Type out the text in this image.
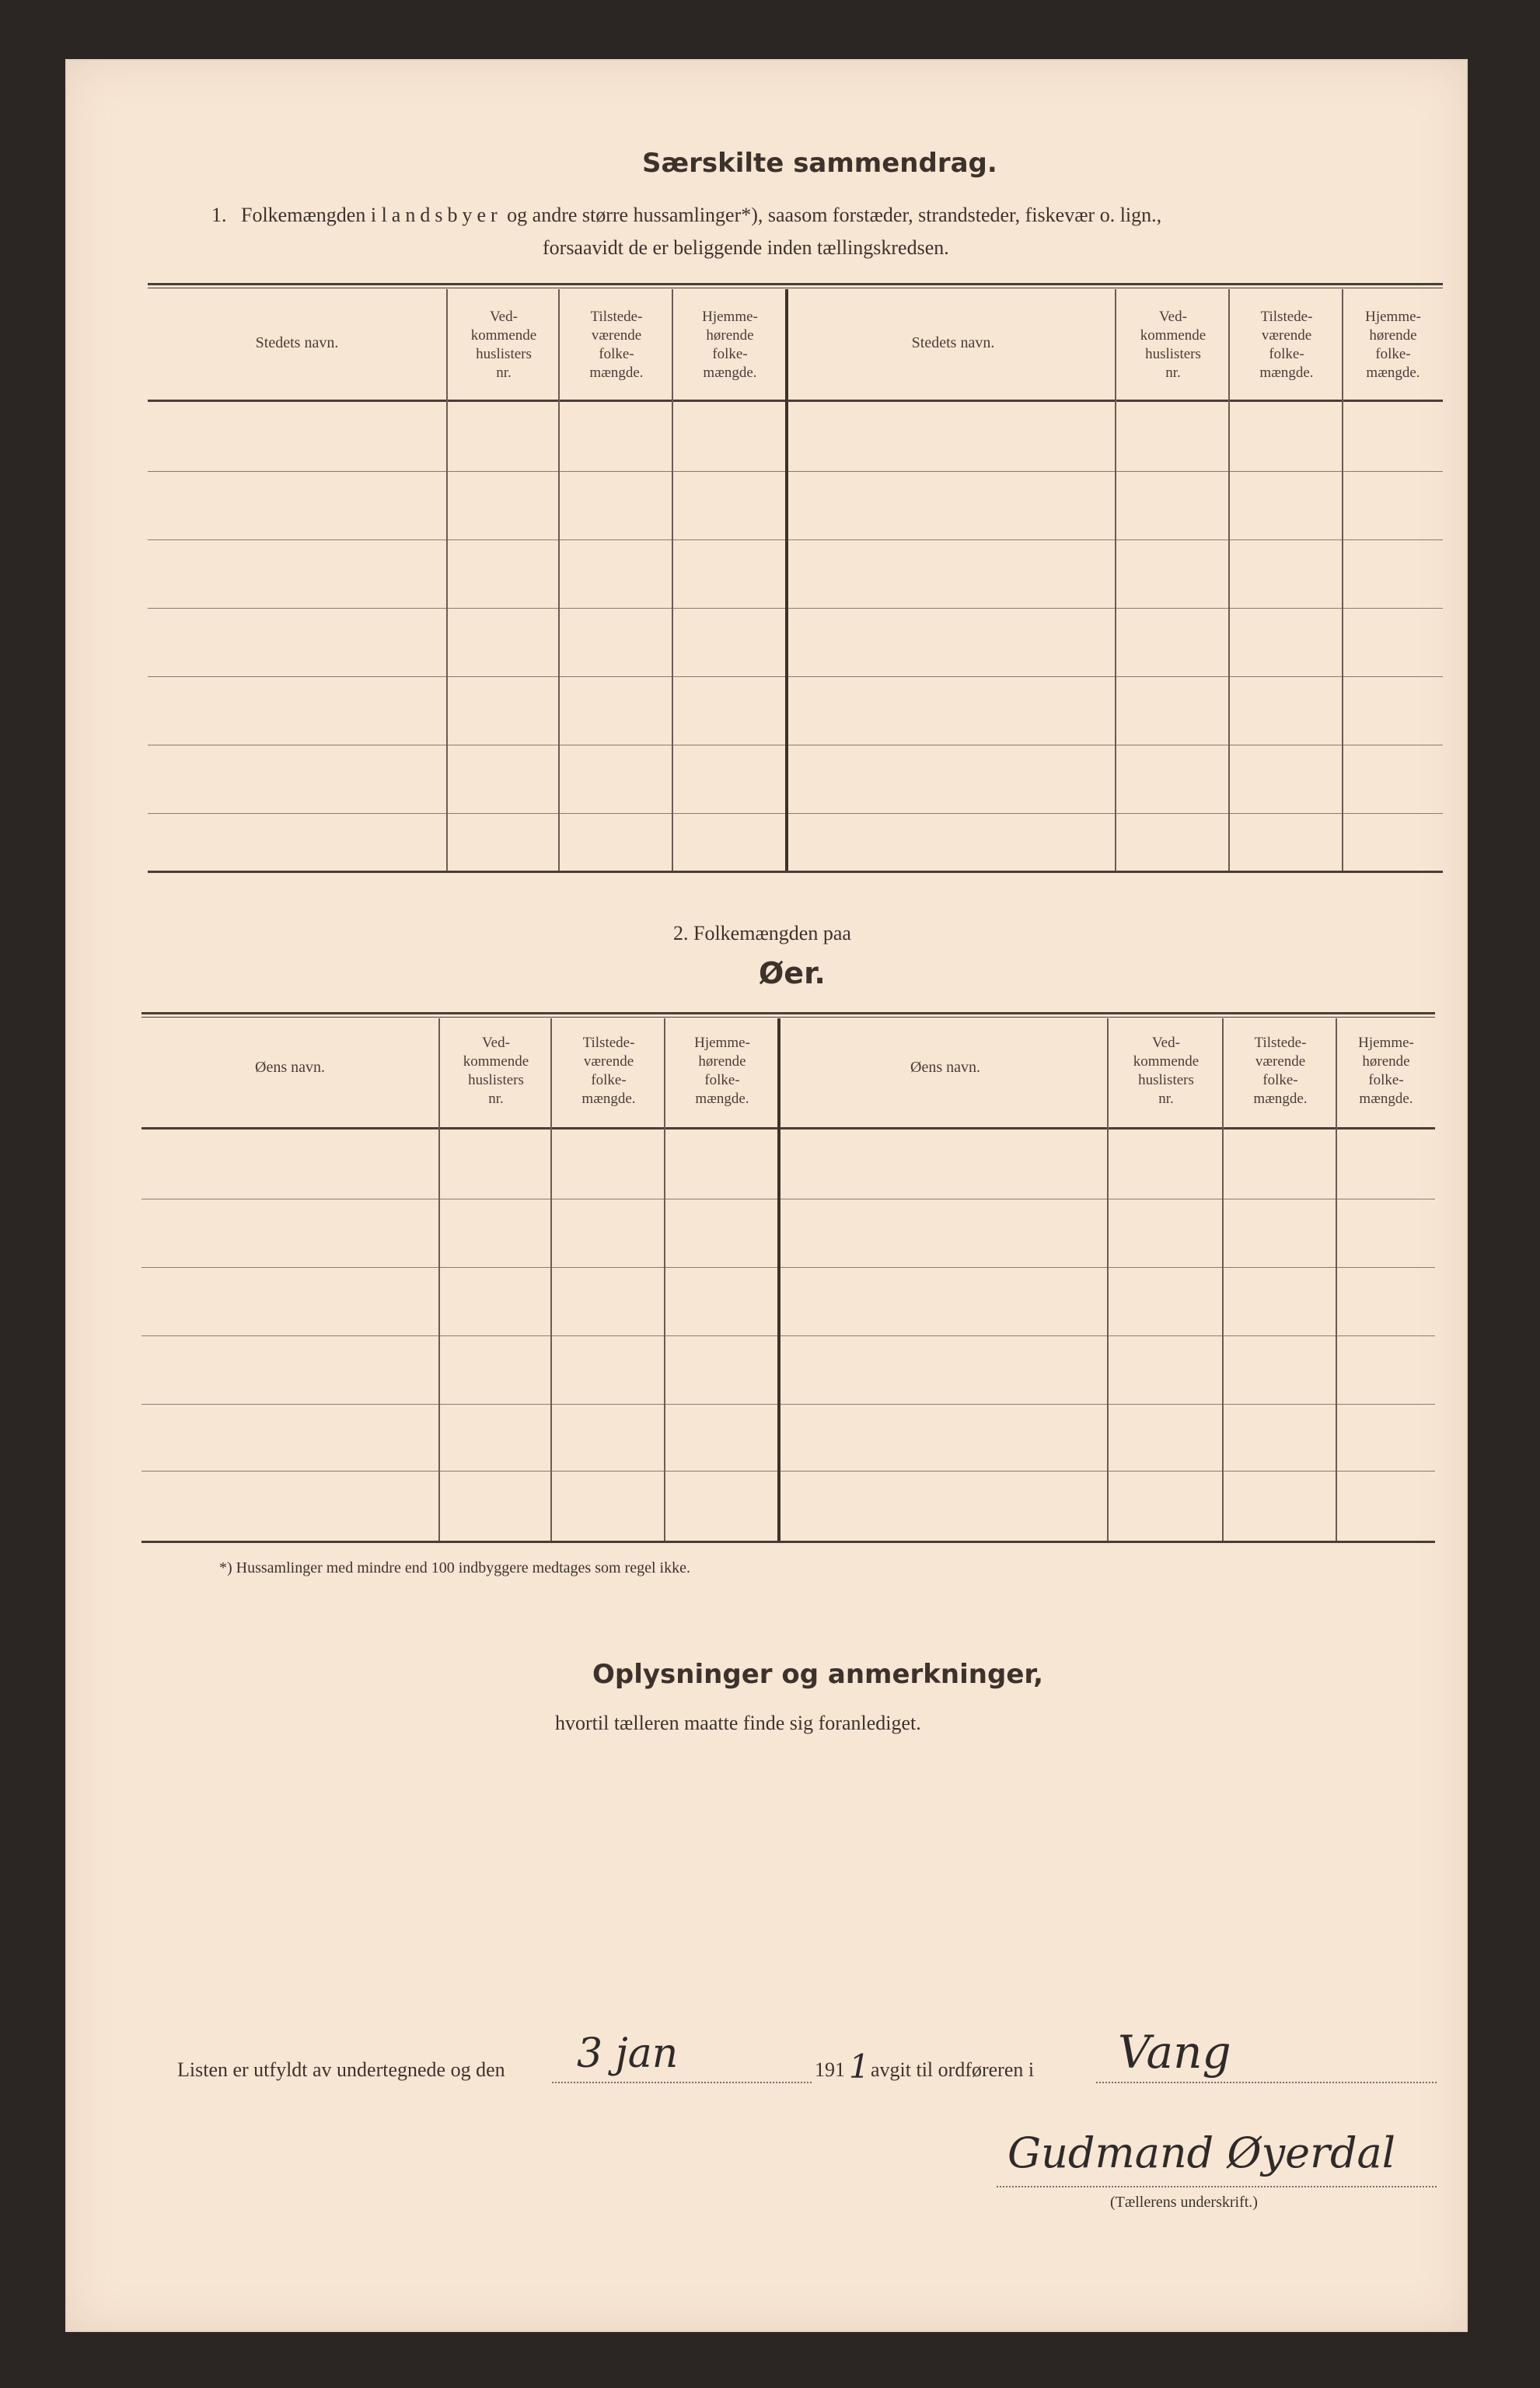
Særskilte sammendrag.
1. Folkemængden i landsbyer og andre større hussamlinger*), saasom forstæder, strandsteder, fiskevær o. lign.,
forsaavidt de er beliggende inden tællingskredsen.
Stedets navn.
Ved-
kommende
huslisters
nr.
Tilstede-
værende
folke-
mængde.
Hjemme-
hørende
folke-
mængde.
Stedets navn.
Ved-
kommende
huslisters
nr.
Tilstede-
værende
folke-
mængde.
Hjemme-
hørende
folke-
mængde.
2. Folkemængden paa
Øer.
Øens navn.
Ved-
kommende
huslisters
nr.
Tilstede-
værende
folke-
mængde.
Hjemme-
hørende
folke-
mængde.
Øens navn.
Ved-
kommende
huslisters
nr.
Tilstede-
værende
folke-
mængde.
Hjemme-
hørende
folke-
mængde.
*) Hussamlinger med mindre end 100 indbyggere medtages som regel ikke.
Oplysninger og anmerkninger,
hvortil tælleren maatte finde sig foranlediget.
Listen er utfyldt av undertegnede og den 3 jan	191 1 avgit til ordføreren i Vang
Gudmand Øyerdal
(Tællerens underskrift.)
